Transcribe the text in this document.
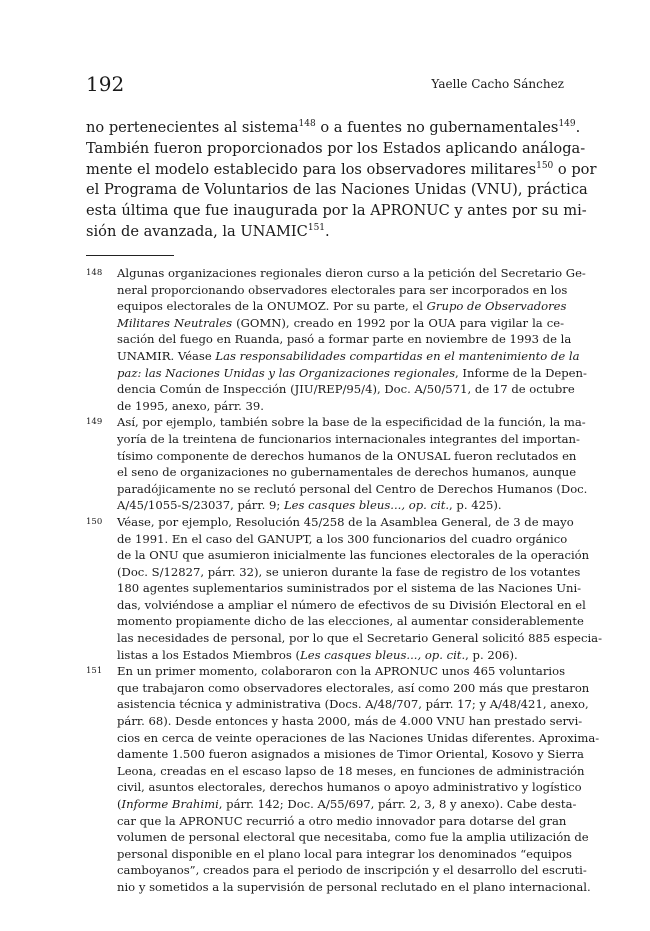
192	Yaelle Cacho Sánchez
no pertenecientes al sistema$^{148}$ o a fuentes no gubernamentales$^{149}$.
También fueron proporcionados por los Estados aplicando análoga-
mente el modelo establecido para los observadores militares$^{150}$ o por
el Programa de Voluntarios de las Naciones Unidas (VNU), práctica
esta última que fue inaugurada por la APRONUC y antes por su mi-
sión de avanzada, la UNAMIC$^{151}$.
148 Algunas organizaciones regionales dieron curso a la petición del Secretario Ge-
neral proporcionando observadores electorales para ser incorporados en los
equipos electorales de la ONUMOZ. Por su parte, el Grupo de Observadores
Militares Neutrales (GOMN), creado en 1992 por la OUA para vigilar la ce-
sación del fuego en Ruanda, pasó a formar parte en noviembre de 1993 de la
UNAMIR. Véase Las responsabilidades compartidas en el mantenimiento de la
paz: las Naciones Unidas y las Organizaciones regionales, Informe de la Depen-
dencia Común de Inspección (JIU/REP/95/4), Doc. A/50/571, de 17 de octubre
de 1995, anexo, párr. 39.
149 Así, por ejemplo, también sobre la base de la especificidad de la función, la ma-
yoría de la treintena de funcionarios internacionales integrantes del importan-
tísimo componente de derechos humanos de la ONUSAL fueron reclutados en
el seno de organizaciones no gubernamentales de derechos humanos, aunque
paradójicamente no se reclutó personal del Centro de Derechos Humanos (Doc.
A/45/1055-S/23037, párr. 9; Les casques bleus..., op. cit., p. 425).
150 Véase, por ejemplo, Resolución 45/258 de la Asamblea General, de 3 de mayo
de 1991. En el caso del GANUPT, a los 300 funcionarios del cuadro orgánico
de la ONU que asumieron inicialmente las funciones electorales de la operación
(Doc. S/12827, párr. 32), se unieron durante la fase de registro de los votantes
180 agentes suplementarios suministrados por el sistema de las Naciones Uni-
das, volviéndose a ampliar el número de efectivos de su División Electoral en el
momento propiamente dicho de las elecciones, al aumentar considerablemente
las necesidades de personal, por lo que el Secretario General solicitó 885 especia-
listas a los Estados Miembros (Les casques bleus..., op. cit., p. 206).
151 En un primer momento, colaboraron con la APRONUC unos 465 voluntarios
que trabajaron como observadores electorales, así como 200 más que prestaron
asistencia técnica y administrativa (Docs. A/48/707, párr. 17; y A/48/421, anexo,
párr. 68). Desde entonces y hasta 2000, más de 4.000 VNU han prestado servi-
cios en cerca de veinte operaciones de las Naciones Unidas diferentes. Aproxima-
damente 1.500 fueron asignados a misiones de Timor Oriental, Kosovo y Sierra
Leona, creadas en el escaso lapso de 18 meses, en funciones de administración
civil, asuntos electorales, derechos humanos o apoyo administrativo y logístico
(Informe Brahimi, párr. 142; Doc. A/55/697, párr. 2, 3, 8 y anexo). Cabe desta-
car que la APRONUC recurrió a otro medio innovador para dotarse del gran
volumen de personal electoral que necesitaba, como fue la amplia utilización de
personal disponible en el plano local para integrar los denominados “equipos
camboyanos”, creados para el periodo de inscripción y el desarrollo del escruti-
nio y sometidos a la supervisión de personal reclutado en el plano internacional.
